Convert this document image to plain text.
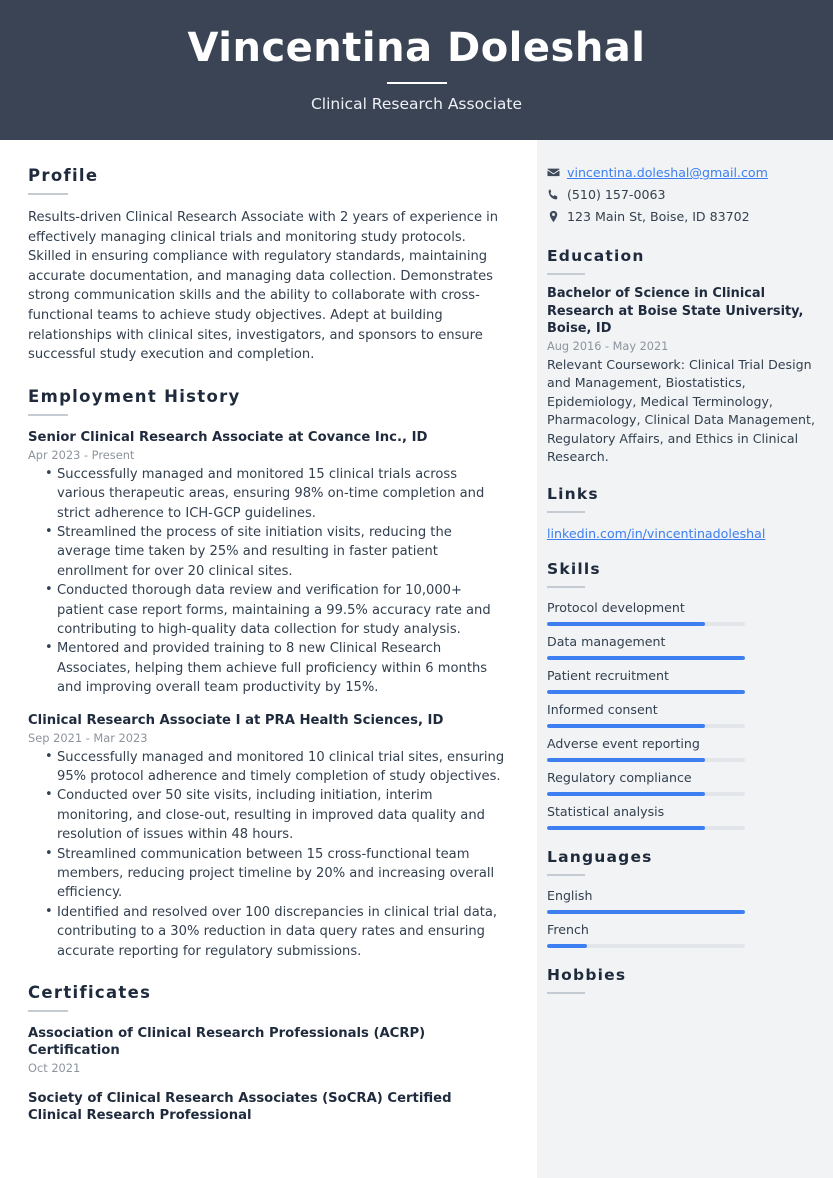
Vincentina Doleshal
Clinical Research Associate
Profile
Results-driven Clinical Research Associate with 2 years of experience in effectively managing clinical trials and monitoring study protocols. Skilled in ensuring compliance with regulatory standards, maintaining accurate documentation, and managing data collection. Demonstrates strong communication skills and the ability to collaborate with cross-functional teams to achieve study objectives. Adept at building relationships with clinical sites, investigators, and sponsors to ensure successful study execution and completion.
Employment History
Senior Clinical Research Associate at Covance Inc., ID
Apr 2023 - Present
• Successfully managed and monitored 15 clinical trials across various therapeutic areas, ensuring 98% on-time completion and strict adherence to ICH-GCP guidelines.
• Streamlined the process of site initiation visits, reducing the average time taken by 25% and resulting in faster patient enrollment for over 20 clinical sites.
• Conducted thorough data review and verification for 10,000+ patient case report forms, maintaining a 99.5% accuracy rate and contributing to high-quality data collection for study analysis.
• Mentored and provided training to 8 new Clinical Research Associates, helping them achieve full proficiency within 6 months and improving overall team productivity by 15%.
Clinical Research Associate I at PRA Health Sciences, ID
Sep 2021 - Mar 2023
• Successfully managed and monitored 10 clinical trial sites, ensuring 95% protocol adherence and timely completion of study objectives.
• Conducted over 50 site visits, including initiation, interim monitoring, and close-out, resulting in improved data quality and resolution of issues within 48 hours.
• Streamlined communication between 15 cross-functional team members, reducing project timeline by 20% and increasing overall efficiency.
• Identified and resolved over 100 discrepancies in clinical trial data, contributing to a 30% reduction in data query rates and ensuring accurate reporting for regulatory submissions.
Certificates
Association of Clinical Research Professionals (ACRP) Certification
Oct 2021
Society of Clinical Research Associates (SoCRA) Certified Clinical Research Professional
vincentina.doleshal@gmail.com
(510) 157-0063
123 Main St, Boise, ID 83702
Education
Bachelor of Science in Clinical Research at Boise State University, Boise, ID
Aug 2016 - May 2021
Relevant Coursework: Clinical Trial Design and Management, Biostatistics, Epidemiology, Medical Terminology, Pharmacology, Clinical Data Management, Regulatory Affairs, and Ethics in Clinical Research.
Links
linkedin.com/in/vincentinadoleshal
Skills
Protocol development
Data management
Patient recruitment
Informed consent
Adverse event reporting
Regulatory compliance
Statistical analysis
Languages
English
French
Hobbies
